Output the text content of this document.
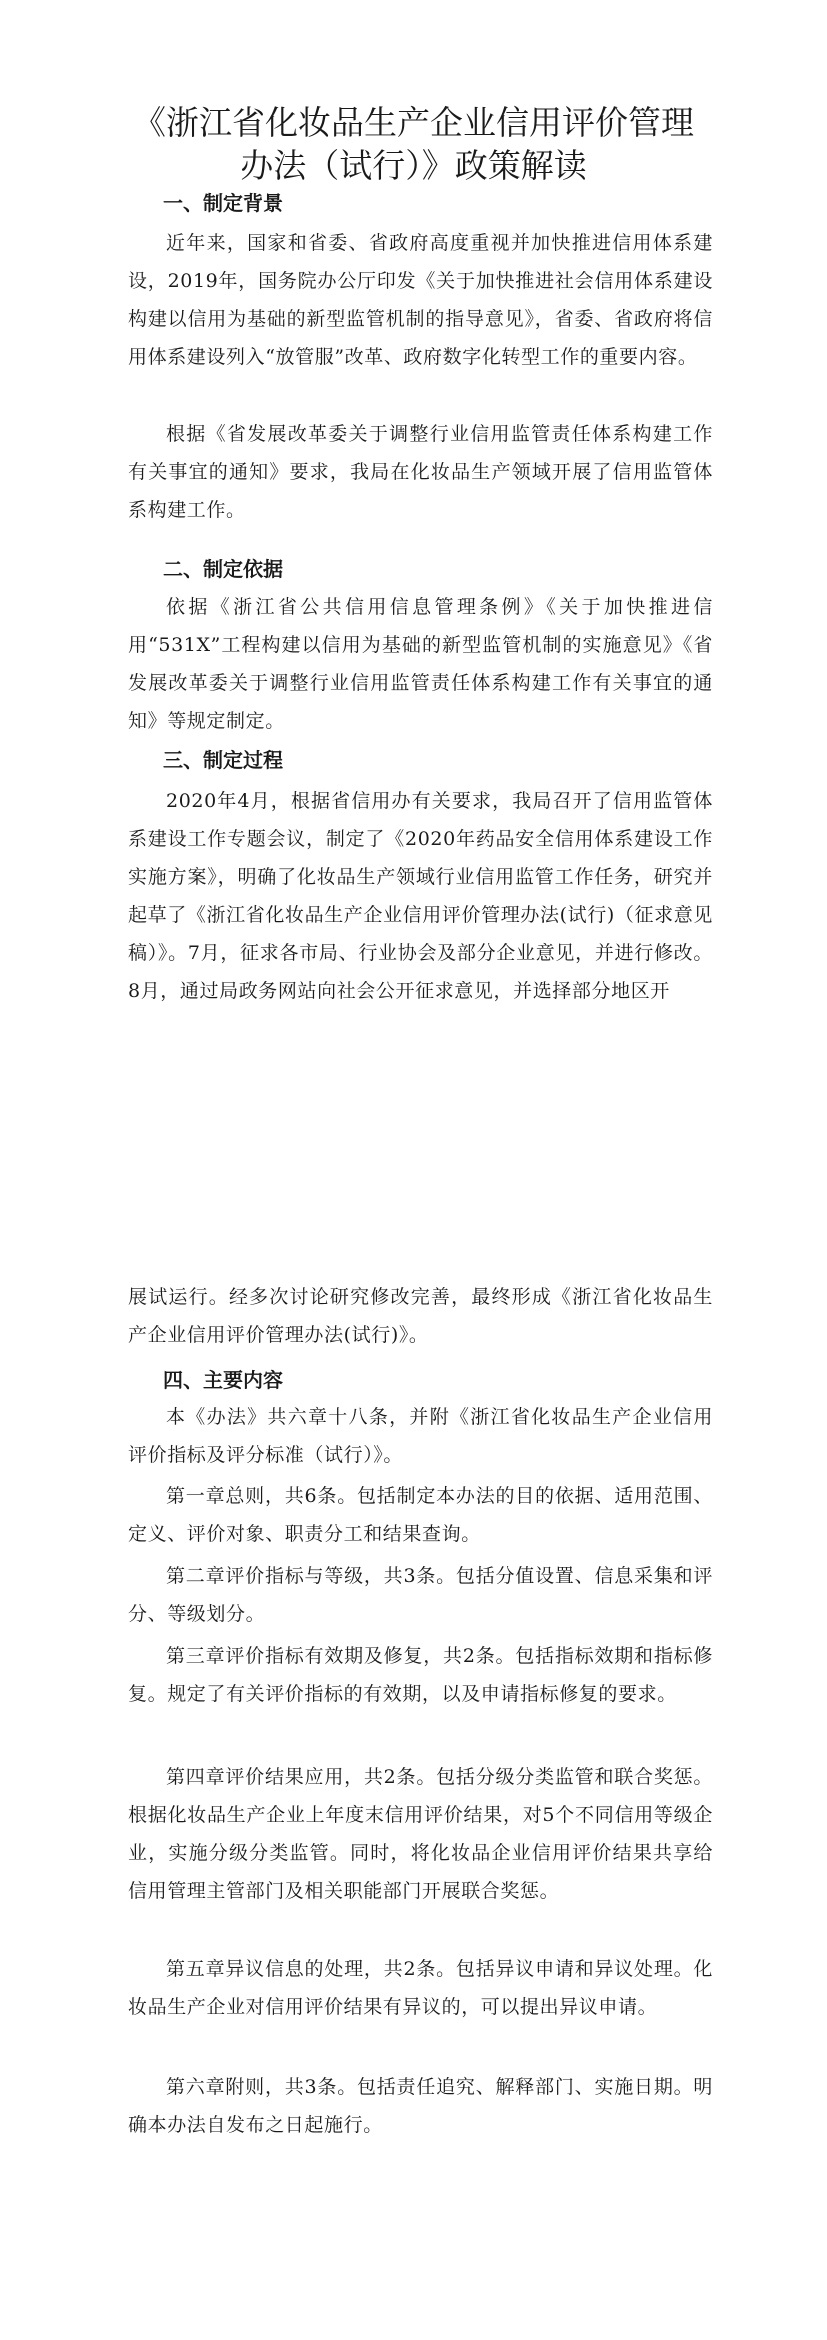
《浙江省化妆品生产企业信用评价管理
办法（试行）》政策解读
一、制定背景

近年来，国家和省委、省政府高度重视并加快推进信用体系建设，2019年，国务院办公厅印发《关于加快推进社会信用体系建设构建以信用为基础的新型监管机制的指导意见》，省委、省政府将信用体系建设列入“放管服”改革、政府数字化转型工作的重要内容。

根据《省发展改革委关于调整行业信用监管责任体系构建工作有关事宜的通知》要求，我局在化妆品生产领域开展了信用监管体系构建工作。

二、制定依据

依据《浙江省公共信用信息管理条例》《关于加快推进信用“531X”工程构建以信用为基础的新型监管机制的实施意见》《省发展改革委关于调整行业信用监管责任体系构建工作有关事宜的通知》等规定制定。

三、制定过程

2020年4月，根据省信用办有关要求，我局召开了信用监管体系建设工作专题会议，制定了《2020年药品安全信用体系建设工作实施方案》，明确了化妆品生产领域行业信用监管工作任务，研究并起草了《浙江省化妆品生产企业信用评价管理办法(试行)（征求意见稿）》。7月，征求各市局、行业协会及部分企业意见，并进行修改。8月，通过局政务网站向社会公开征求意见，并选择部分地区开

展试运行。经多次讨论研究修改完善，最终形成《浙江省化妆品生产企业信用评价管理办法(试行)》。

四、主要内容

本《办法》共六章十八条，并附《浙江省化妆品生产企业信用评价指标及评分标准（试行）》。

第一章总则，共6条。包括制定本办法的目的依据、适用范围、定义、评价对象、职责分工和结果查询。

第二章评价指标与等级，共3条。包括分值设置、信息采集和评分、等级划分。

第三章评价指标有效期及修复，共2条。包括指标效期和指标修复。规定了有关评价指标的有效期，以及申请指标修复的要求。

第四章评价结果应用，共2条。包括分级分类监管和联合奖惩。根据化妆品生产企业上年度末信用评价结果，对5个不同信用等级企业，实施分级分类监管。同时，将化妆品企业信用评价结果共享给信用管理主管部门及相关职能部门开展联合奖惩。

第五章异议信息的处理，共2条。包括异议申请和异议处理。化妆品生产企业对信用评价结果有异议的，可以提出异议申请。

第六章附则，共3条。包括责任追究、解释部门、实施日期。明确本办法自发布之日起施行。
